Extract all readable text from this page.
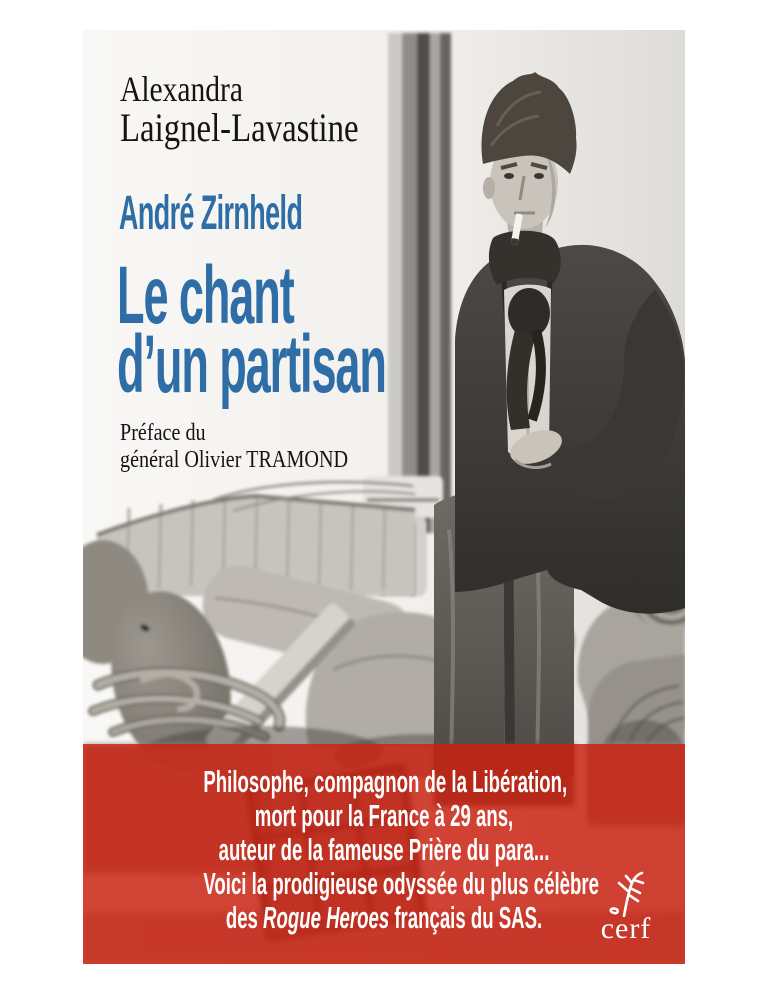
Alexandra
Laignel-Lavastine
André Zirnheld
Le chant
d’un partisan
Préface du
général Olivier TRAMOND
Philosophe, compagnon de la Libération,
mort pour la France à 29 ans,
auteur de la fameuse Prière du para...
Voici la prodigieuse odyssée du plus célèbre
des Rogue Heroes français du SAS.	cerf
